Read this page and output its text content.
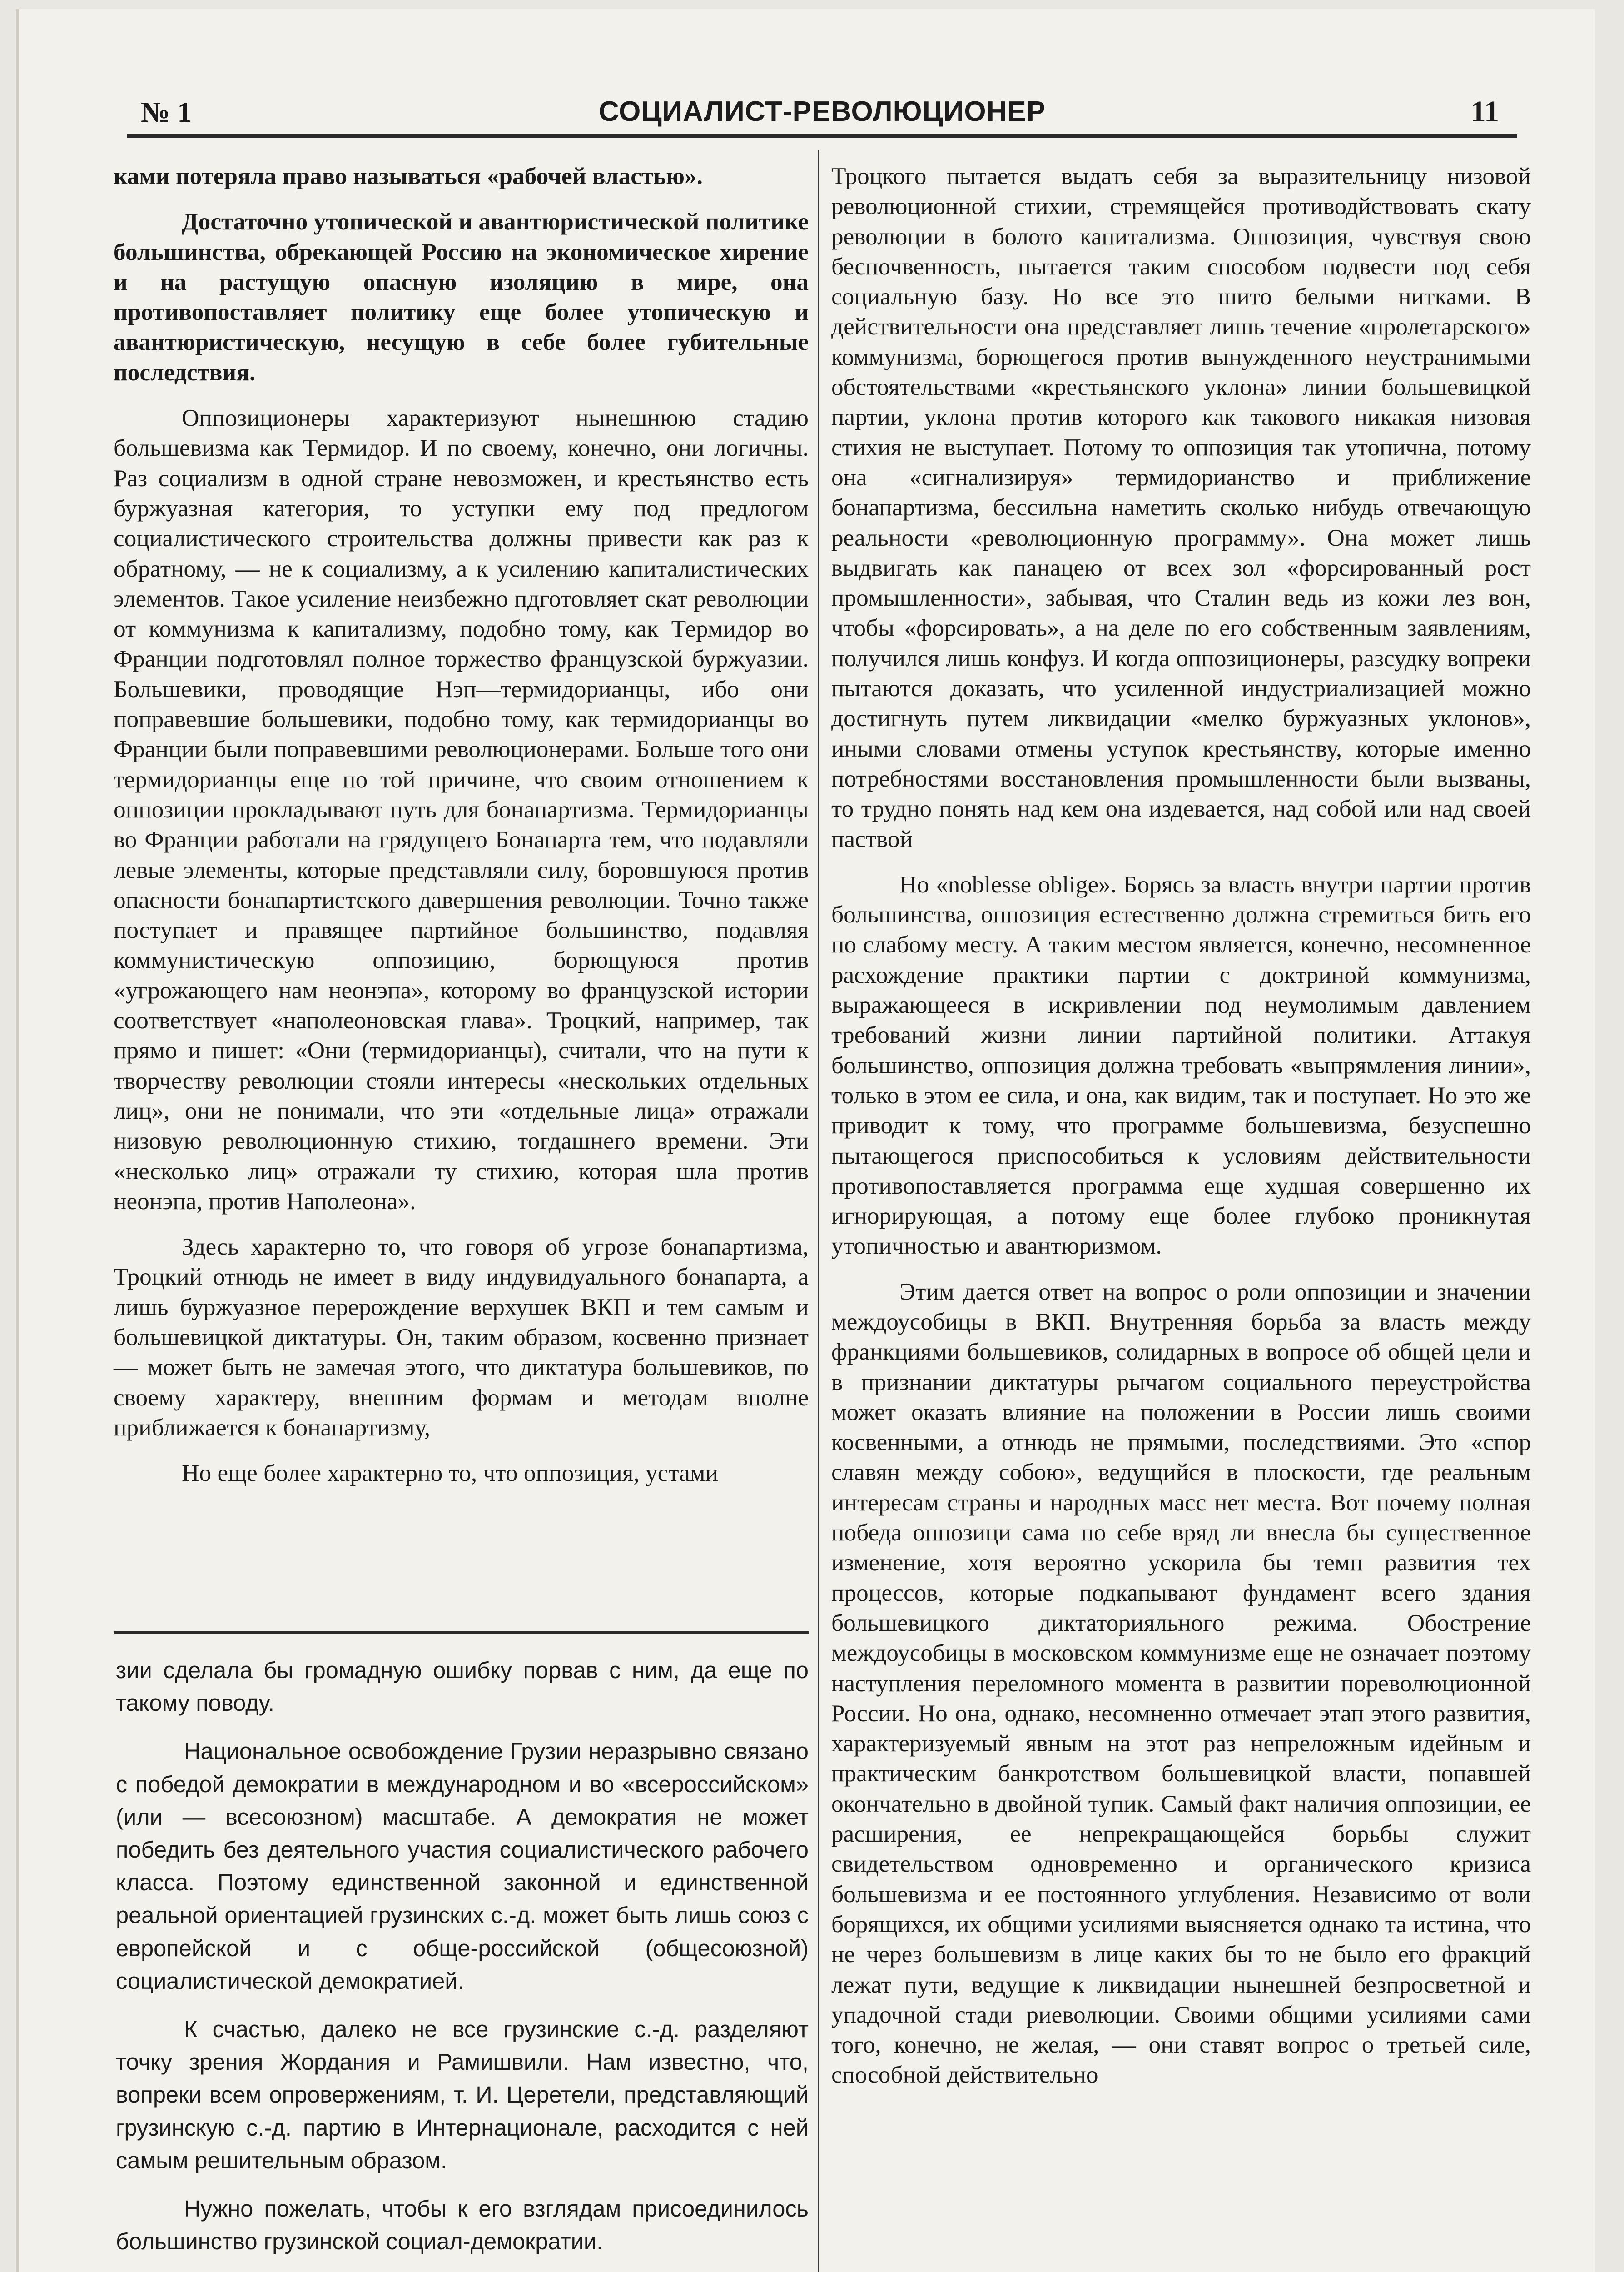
№ 1	СОЦИАЛИСТ-РЕВОЛЮЦИОНЕР	11

ками потеряла право называться «рабочей властью».

Достаточно утопической и авантюристической политике большинства, обрекающей Россию на экономическое хирение и на растущую опасную изоляцию в мире, она противопоставляет политику еще более утопическую и авантюристическую, несущую в себе более губительные последствия.

Оппозиционеры характеризуют нынешнюю стадию большевизма как Термидор. И по своему, конечно, они логичны. Раз социализм в одной стране невозможен, и крестьянство есть буржуазная категория, то уступки ему под предлогом социалистического строительства должны привести как раз к обратному, — не к социализму, а к усилению капиталистических элементов. Такое усиление неизбежно пдготовляет скат революции от коммунизма к капитализму, подобно тому, как Термидор во Франции подготовлял полное торжество французской буржуазии. Большевики, проводящие Нэп—термидорианцы, ибо они поправевшие большевики, подобно тому, как термидорианцы во Франции были поправевшими революционерами. Больше того они термидорианцы еще по той причине, что своим отношением к оппозиции прокладывают путь для бонапартизма. Термидорианцы во Франции работали на грядущего Бонапарта тем, что подавляли левые элементы, которые представляли силу, боровшуюся против опасности бонапартистского давершения революции. Точно также поступает и правящее партийное большинство, подавляя коммунистическую оппозицию, борющуюся против «угрожающего нам неонэпа», которому во французской истории соответствует «наполеоновская глава». Троцкий, например, так прямо и пишет: «Они (термидорианцы), считали, что на пути к творчеству революции стояли интересы «нескольких отдельных лиц», они не понимали, что эти «отдельные лица» отражали низовую революционную стихию, тогдашнего времени. Эти «несколько лиц» отражали ту стихию, которая шла против неонэпа, против Наполеона».

Здесь характерно то, что говоря об угрозе бонапартизма, Троцкий отнюдь не имеет в виду индувидуального бонапарта, а лишь буржуазное перерождение верхушек ВКП и тем самым и большевицкой диктатуры. Он, таким образом, косвенно признает — может быть не замечая этого, что диктатура большевиков, по своему характеру, внешним формам и методам вполне приближается к бонапартизму,

Но еще более характерно то, что оппозиция, устами

зии сделала бы громадную ошибку порвав с ним, да еще по такому поводу.

Национальное освобождение Грузии неразрывно связано с победой демократии в международном и во «всероссийском» (или — всесоюзном) масштабе. А демократия не может победить без деятельного участия социалистического рабочего класса. Поэтому единственной законной и единственной реальной ориентацией грузинских с.-д. может быть лишь союз с европейской и с обще-российской (общесоюзной) социалистической демократией.

К счастью, далеко не все грузинские с.-д. разделяют точку зрения Жордания и Рамишвили. Нам известно, что, вопреки всем опровержениям, т. И. Церетели, представляющий грузинскую с.-д. партию в Интернационале, расходится с ней самым решительным образом.

Нужно пожелать, чтобы к его взглядам присоединилось большинство грузинской социал-демократии.

Троцкого пытается выдать себя за выразительницу низовой революционной стихии, стремящейся противодйствовать скату революции в болото капитализма. Оппозиция, чувствуя свою беспочвенность, пытается таким способом подвести под себя социальную базу. Но все это шито белыми нитками. В действительности она представляет лишь течение «пролетарского» коммунизма, борющегося против вынужденного неустранимыми обстоятельствами «крестьянского уклона» линии большевицкой партии, уклона против которого как такового никакая низовая стихия не выступает. Потому то оппозиция так утопична, потому она «сигнализируя» термидорианство и приближение бонапартизма, бессильна наметить сколько нибудь отвечающую реальности «революционную программу». Она может лишь выдвигать как панацею от всех зол «форсированный рост промышленности», забывая, что Сталин ведь из кожи лез вон, чтобы «форсировать», а на деле по его собственным заявлениям, получился лишь конфуз. И когда оппозиционеры, разсудку вопреки пытаются доказать, что усиленной индустриализацией можно достигнуть путем ликвидации «мелко буржуазных уклонов», иными словами отмены уступок крестьянству, которые именно потребностями восстановления промышленности были вызваны, то трудно понять над кем она издевается, над собой или над своей паствой

Но «noblesse oblige». Борясь за власть внутри партии против большинства, оппозиция естественно должна стремиться бить его по слабому месту. А таким местом является, конечно, несомненное расхождение практики партии с доктриной коммунизма, выражающееся в искривлении под неумолимым давлением требований жизни линии партийной политики. Аттакуя большинство, оппозиция должна требовать «выпрямления линии», только в этом ее сила, и она, как видим, так и поступает. Но это же приводит к тому, что программе большевизма, безуспешно пытающегося приспособиться к условиям действительности противопоставляется программа еще худшая совершенно их игнорирующая, а потому еще более глубоко проникнутая утопичностью и авантюризмом.

Этим дается ответ на вопрос о роли оппозиции и значении междоусобицы в ВКП. Внутренняя борьба за власть между франкциями большевиков, солидарных в вопросе об общей цели и в признании диктатуры рычагом социального переустройства может оказать влияние на положении в России лишь своими косвенными, а отнюдь не прямыми, последствиями. Это «спор славян между собою», ведущийся в плоскости, где реальным интересам страны и народных масс нет места. Вот почему полная победа оппозици сама по себе вряд ли внесла бы существенное изменение, хотя вероятно ускорила бы темп развития тех процессов, которые подкапывают фундамент всего здания большевицкого диктаторияльного режима. Обострение междоусобицы в московском коммунизме еще не означает поэтому наступления переломного момента в развитии пореволюционной России. Но она, однако, несомненно отмечает этап этого развития, характеризуемый явным на этот раз непреложным идейным и практическим банкротством большевицкой власти, попавшей окончательно в двойной тупик. Самый факт наличия оппозиции, ее расширения, ее непрекращающейся борьбы служит свидетельством одновременно и органического кризиса большевизма и ее постоянного углубления. Независимо от воли борящихся, их общими усилиями выясняется однако та истина, что не через большевизм в лице каких бы то не было его фракций лежат пути, ведущие к ликвидации нынешней безпросветной и упадочной стади риеволюции. Своими общими усилиями сами того, конечно, не желая, — они ставят вопрос о третьей силе, способной действительно
